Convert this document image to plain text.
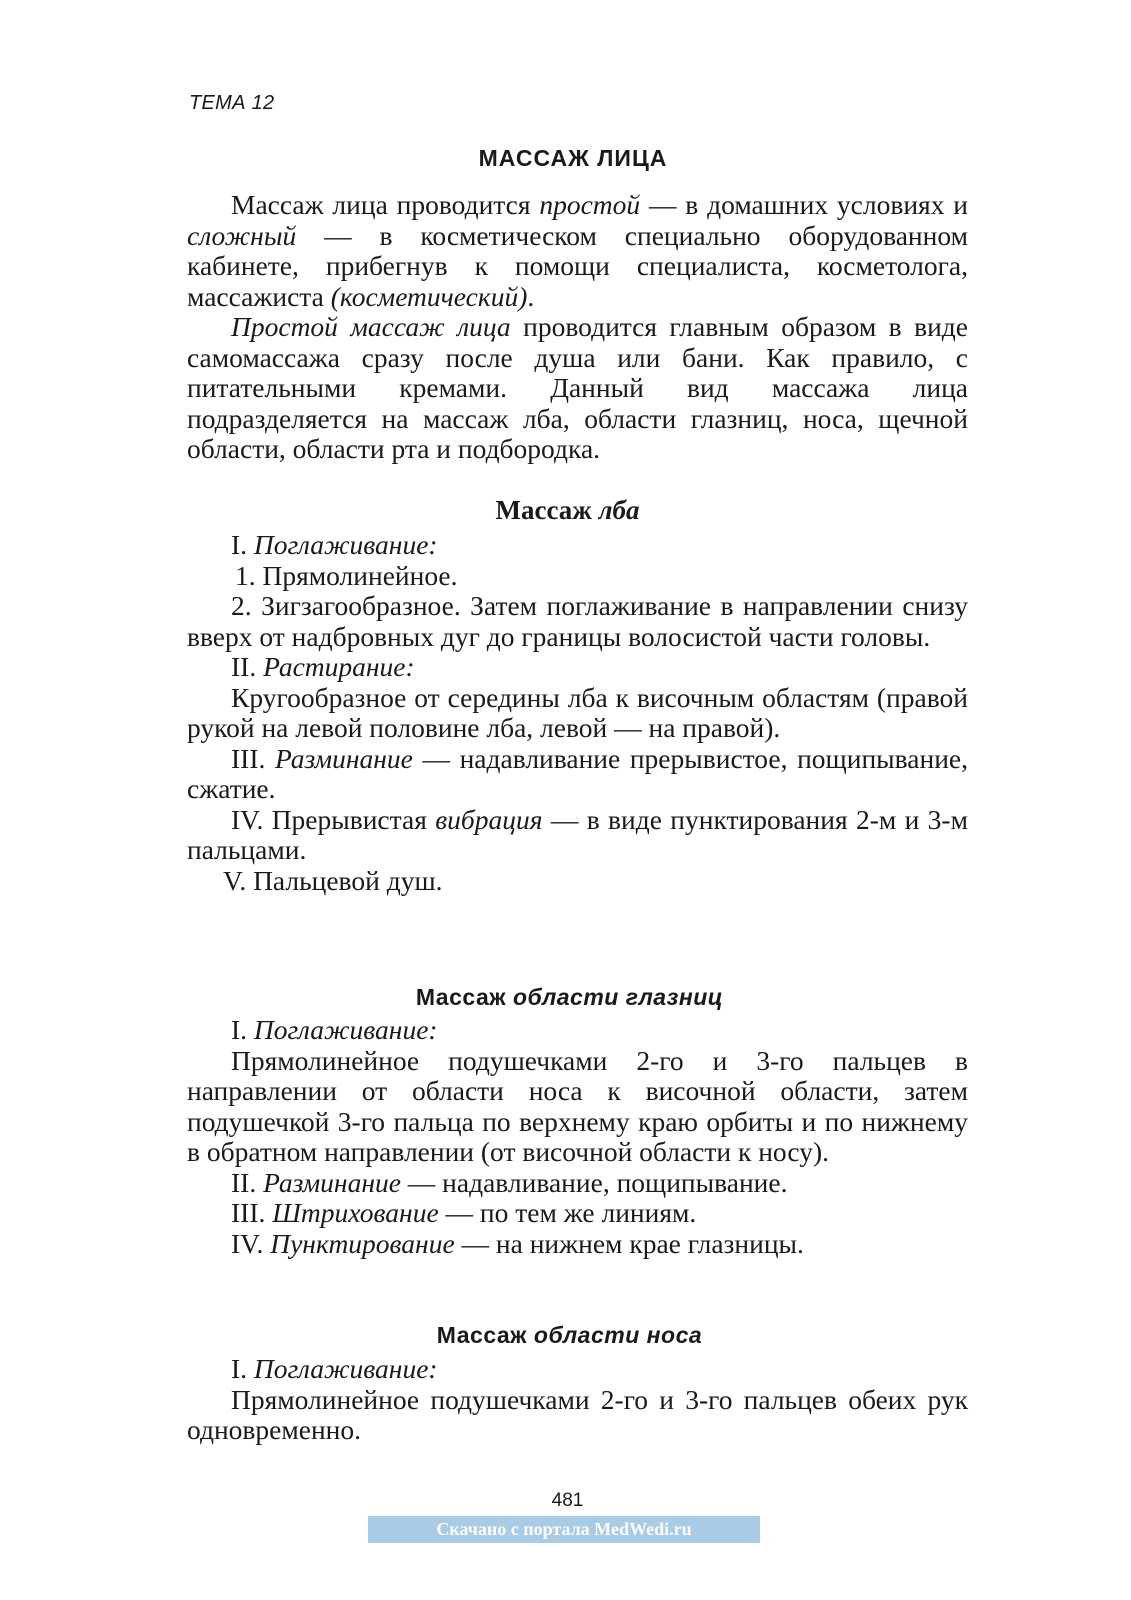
ТЕМА 12
МАССАЖ ЛИЦА

Массаж лица проводится простой — в домашних условиях и сложный — в косметическом специально оборудованном кабинете, прибегнув к помощи специалиста, косметолога, массажиста (косметический).

Простой массаж лица проводится главным образом в виде самомассажа сразу после душа или бани. Как правило, с питательными кремами. Данный вид массажа лица подразделяется на массаж лба, области глазниц, носа, щечной области, области рта и подбородка.

Массаж лба

I. Поглаживание:

1. Прямолинейное.

2. Зигзагообразное. Затем поглаживание в направлении снизу вверх от надбровных дуг до границы волосистой части головы.

II. Растирание:

Кругообразное от середины лба к височным областям (правой рукой на левой половине лба, левой — на правой).

III. Разминание — надавливание прерывистое, пощипывание, сжатие.

IV. Прерывистая вибрация — в виде пунктирования 2-м и 3-м пальцами.

V. Пальцевой душ.

Массаж области глазниц

I. Поглаживание:

Прямолинейное подушечками 2-го и 3-го пальцев в направлении от области носа к височной области, затем подушечкой 3-го пальца по верхнему краю орбиты и по нижнему в обратном направлении (от височной области к носу).

II. Разминание — надавливание, пощипывание.

III. Штрихование — по тем же линиям.

IV. Пунктирование — на нижнем крае глазницы.

Массаж области носа

I. Поглаживание:

Прямолинейное подушечками 2-го и 3-го пальцев обеих рук одновременно.

481
Скачано с портала MedWedi.ru
